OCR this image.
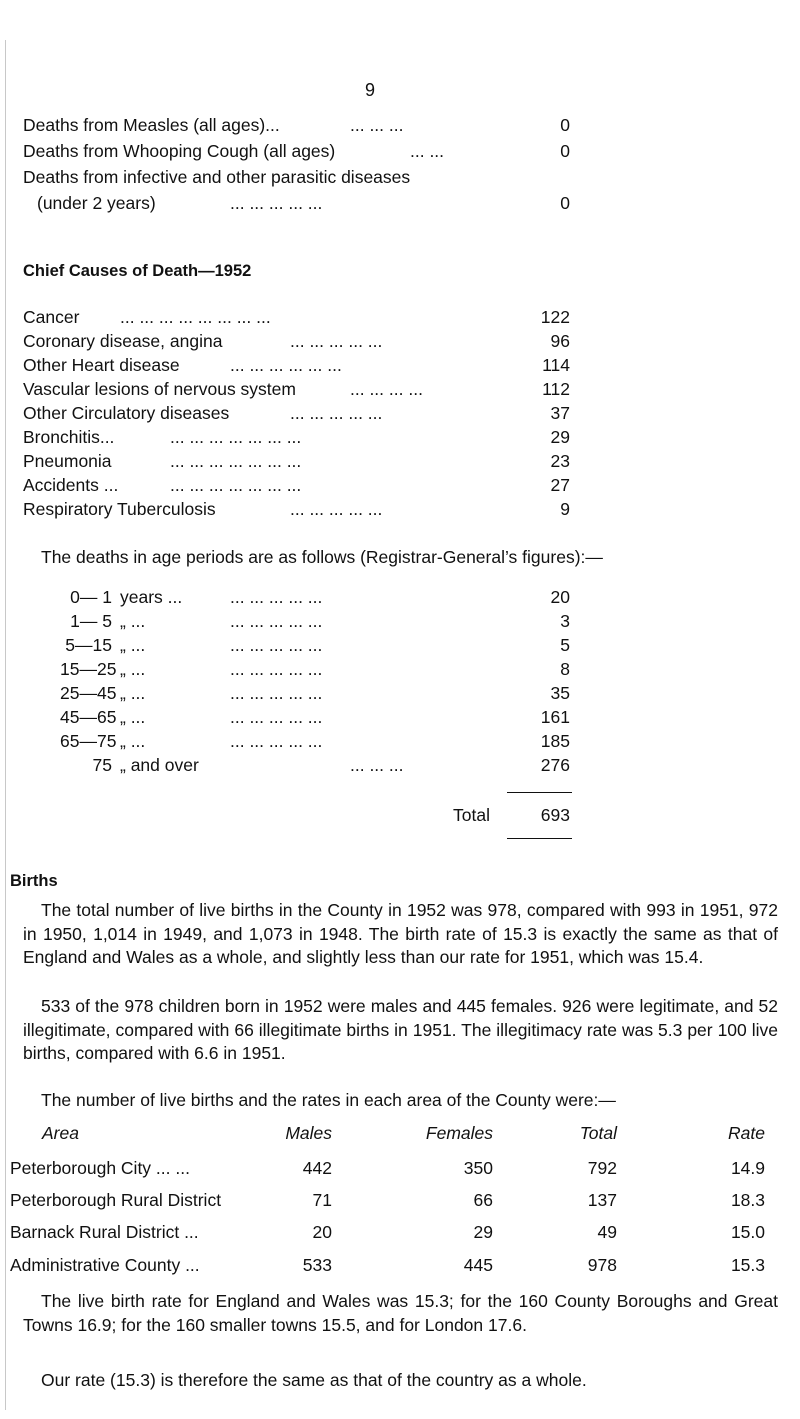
9
Deaths from Measles (all ages)...	... ... ...	0
Deaths from Whooping Cough (all ages)	... ...	0
Deaths from infective and other parasitic diseases
(under 2 years)	... ... ... ... ...	0
Chief Causes of Death—1952
Cancer ... ... ... ... ... ... ... ...	122
Coronary disease, angina	... ... ... ... ...	96
Other Heart disease	... ... ... ... ... ...	114
Vascular lesions of nervous system	... ... ... ...	112
Other Circulatory diseases	... ... ... ... ...	37
Bronchitis...	... ... ... ... ... ... ...	29
Pneumonia	... ... ... ... ... ... ...	23
Accidents ...	... ... ... ... ... ... ...	27
Respiratory Tuberculosis	... ... ... ... ...	9
The deaths in age periods are as follows (Registrar-General’s figures):—
0— 1 years ...	... ... ... ... ...	20
1— 5 „ ...	... ... ... ... ...	3
5—15 „ ...	... ... ... ... ...	5
15—25 „ ...	... ... ... ... ...	8
25—45 „ ...	... ... ... ... ...	35
45—65 „ ...	... ... ... ... ...	161
65—75 „ ...	... ... ... ... ...	185
75 „ and over	... ... ...	276
Total	693
Births

The total number of live births in the County in 1952 was 978, compared with 993 in 1951, 972 in 1950, 1,014 in 1949, and 1,073 in 1948. The birth rate of 15.3 is exactly the same as that of England and Wales as a whole, and slightly less than our rate for 1951, which was 15.4.

533 of the 978 children born in 1952 were males and 445 females. 926 were legitimate, and 52 illegitimate, compared with 66 illegitimate births in 1951. The illegitimacy rate was 5.3 per 100 live births, compared with 6.6 in 1951.

The number of live births and the rates in each area of the County were:—
Area	Males	Females	Total	Rate
Peterborough City ... ...	442	350	792	14.9
Peterborough Rural District	71	66	137	18.3
Barnack Rural District ...	20	29	49	15.0
Administrative County ...	533	445	978	15.3

The live birth rate for England and Wales was 15.3; for the 160 County Boroughs and Great Towns 16.9; for the 160 smaller towns 15.5, and for London 17.6.

Our rate (15.3) is therefore the same as that of the country as a whole.
